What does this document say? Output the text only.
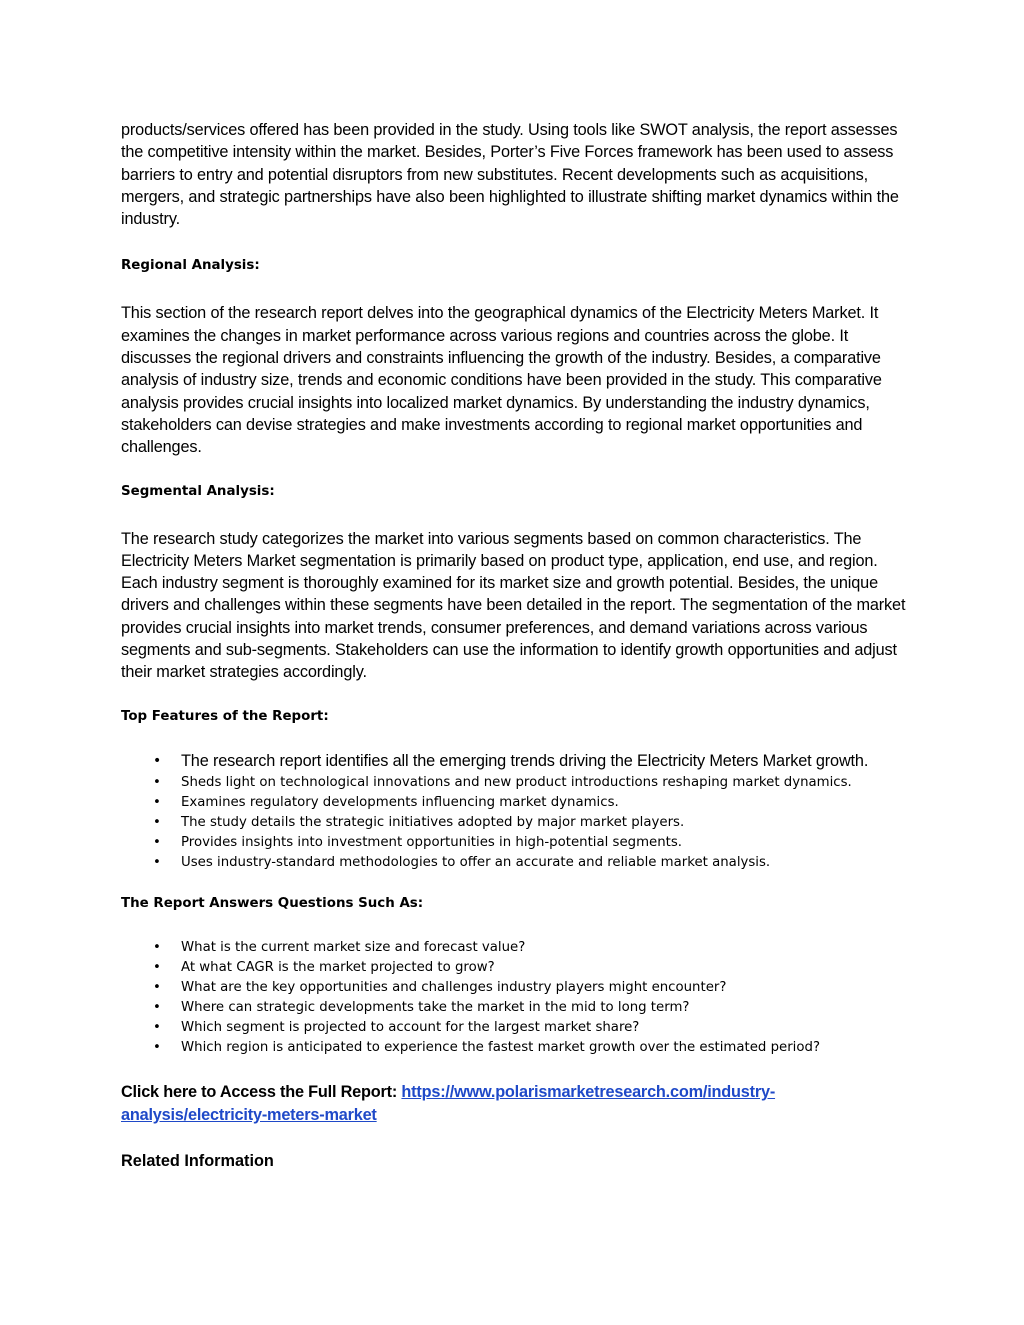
products/services offered has been provided in the study. Using tools like SWOT analysis, the report assesses the competitive intensity within the market. Besides, Porter’s Five Forces framework has been used to assess barriers to entry and potential disruptors from new substitutes. Recent developments such as acquisitions, mergers, and strategic partnerships have also been highlighted to illustrate shifting market dynamics within the industry.

Regional Analysis:

This section of the research report delves into the geographical dynamics of the Electricity Meters Market. It examines the changes in market performance across various regions and countries across the globe. It discusses the regional drivers and constraints influencing the growth of the industry. Besides, a comparative analysis of industry size, trends and economic conditions have been provided in the study. This comparative analysis provides crucial insights into localized market dynamics. By understanding the industry dynamics, stakeholders can devise strategies and make investments according to regional market opportunities and challenges.

Segmental Analysis:

The research study categorizes the market into various segments based on common characteristics. The Electricity Meters Market segmentation is primarily based on product type, application, end use, and region. Each industry segment is thoroughly examined for its market size and growth potential. Besides, the unique drivers and challenges within these segments have been detailed in the report. The segmentation of the market provides crucial insights into market trends, consumer preferences, and demand variations across various segments and sub-segments. Stakeholders can use the information to identify growth opportunities and adjust their market strategies accordingly.

Top Features of the Report:

• The research report identifies all the emerging trends driving the Electricity Meters Market growth.
• Sheds light on technological innovations and new product introductions reshaping market dynamics.
• Examines regulatory developments influencing market dynamics.
• The study details the strategic initiatives adopted by major market players.
• Provides insights into investment opportunities in high-potential segments.
• Uses industry-standard methodologies to offer an accurate and reliable market analysis.

The Report Answers Questions Such As:

• What is the current market size and forecast value?
• At what CAGR is the market projected to grow?
• What are the key opportunities and challenges industry players might encounter?
• Where can strategic developments take the market in the mid to long term?
• Which segment is projected to account for the largest market share?
• Which region is anticipated to experience the fastest market growth over the estimated period?
Click here to Access the Full Report: https://www.polarismarketresearch.com/industry-
analysis/electricity-meters-market
Related Information
